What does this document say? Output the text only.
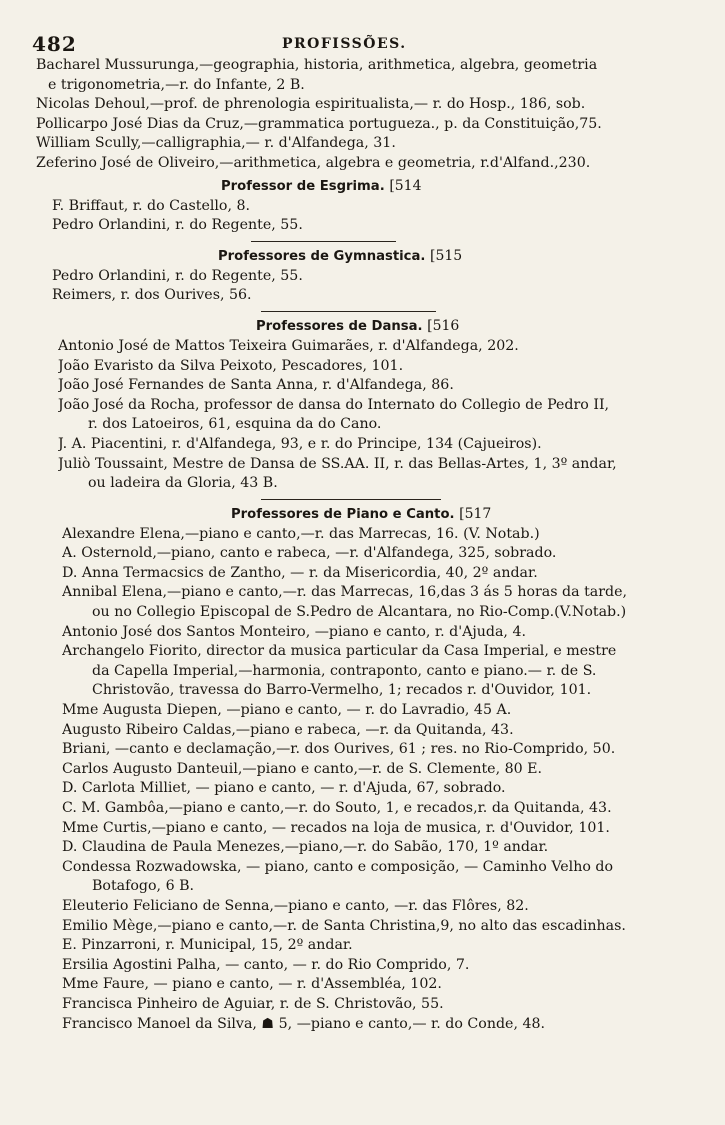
482	PROFISSÕES.
Bacharel Mussurunga,—geographia, historia, arithmetica, algebra, geometria
e trigonometria,—r. do Infante, 2 B.
Nicolas Dehoul,—prof. de phrenologia espiritualista,— r. do Hosp., 186, sob.
Pollicarpo José Dias da Cruz,—grammatica portugueza., p. da Constituição,75.
William Scully,—calligraphia,— r. d'Alfandega, 31.
Zeferino José de Oliveiro,—arithmetica, algebra e geometria, r.d'Alfand.,230.
Professor de Esgrima. [514
F. Briffaut, r. do Castello, 8.
Pedro Orlandini, r. do Regente, 55.
Professores de Gymnastica. [515
Pedro Orlandini, r. do Regente, 55.
Reimers, r. dos Ourives, 56.
Professores de Dansa. [516
Antonio José de Mattos Teixeira Guimarães, r. d'Alfandega, 202.
João Evaristo da Silva Peixoto, Pescadores, 101.
João José Fernandes de Santa Anna, r. d'Alfandega, 86.
João José da Rocha, professor de dansa do Internato do Collegio de Pedro II,
r. dos Latoeiros, 61, esquina da do Cano.
J. A. Piacentini, r. d'Alfandega, 93, e r. do Principe, 134 (Cajueiros).
Juliò Toussaint, Mestre de Dansa de SS.AA. II, r. das Bellas-Artes, 1, 3º andar,
ou ladeira da Gloria, 43 B.
Professores de Piano e Canto. [517
Alexandre Elena,—piano e canto,—r. das Marrecas, 16. (V. Notab.)
A. Osternold,—piano, canto e rabeca, —r. d'Alfandega, 325, sobrado.
D. Anna Termacsics de Zantho, — r. da Misericordia, 40, 2º andar.
Annibal Elena,—piano e canto,—r. das Marrecas, 16,das 3 ás 5 horas da tarde,
ou no Collegio Episcopal de S.Pedro de Alcantara, no Rio-Comp.(V.Notab.)
Antonio José dos Santos Monteiro, —piano e canto, r. d'Ajuda, 4.
Archangelo Fiorito, director da musica particular da Casa Imperial, e mestre
da Capella Imperial,—harmonia, contraponto, canto e piano.— r. de S.
Christovão, travessa do Barro-Vermelho, 1; recados r. d'Ouvidor, 101.
Mme Augusta Diepen, —piano e canto, — r. do Lavradio, 45 A.
Augusto Ribeiro Caldas,—piano e rabeca, —r. da Quitanda, 43.
Briani, —canto e declamação,—r. dos Ourives, 61 ; res. no Rio-Comprido, 50.
Carlos Augusto Danteuil,—piano e canto,—r. de S. Clemente, 80 E.
D. Carlota Milliet, — piano e canto, — r. d'Ajuda, 67, sobrado.
C. M. Gambôa,—piano e canto,—r. do Souto, 1, e recados,r. da Quitanda, 43.
Mme Curtis,—piano e canto, — recados na loja de musica, r. d'Ouvidor, 101.
D. Claudina de Paula Menezes,—piano,—r. do Sabão, 170, 1º andar.
Condessa Rozwadowska, — piano, canto e composição, — Caminho Velho do
Botafogo, 6 B.
Eleuterio Feliciano de Senna,—piano e canto, —r. das Flôres, 82.
Emilio Mège,—piano e canto,—r. de Santa Christina,9, no alto das escadinhas.
E. Pinzarroni, r. Municipal, 15, 2º andar.
Ersilia Agostini Palha, — canto, — r. do Rio Comprido, 7.
Mme Faure, — piano e canto, — r. d'Assembléa, 102.
Francisca Pinheiro de Aguiar, r. de S. Christovão, 55.
Francisco Manoel da Silva, ☗ 5, —piano e canto,— r. do Conde, 48.
